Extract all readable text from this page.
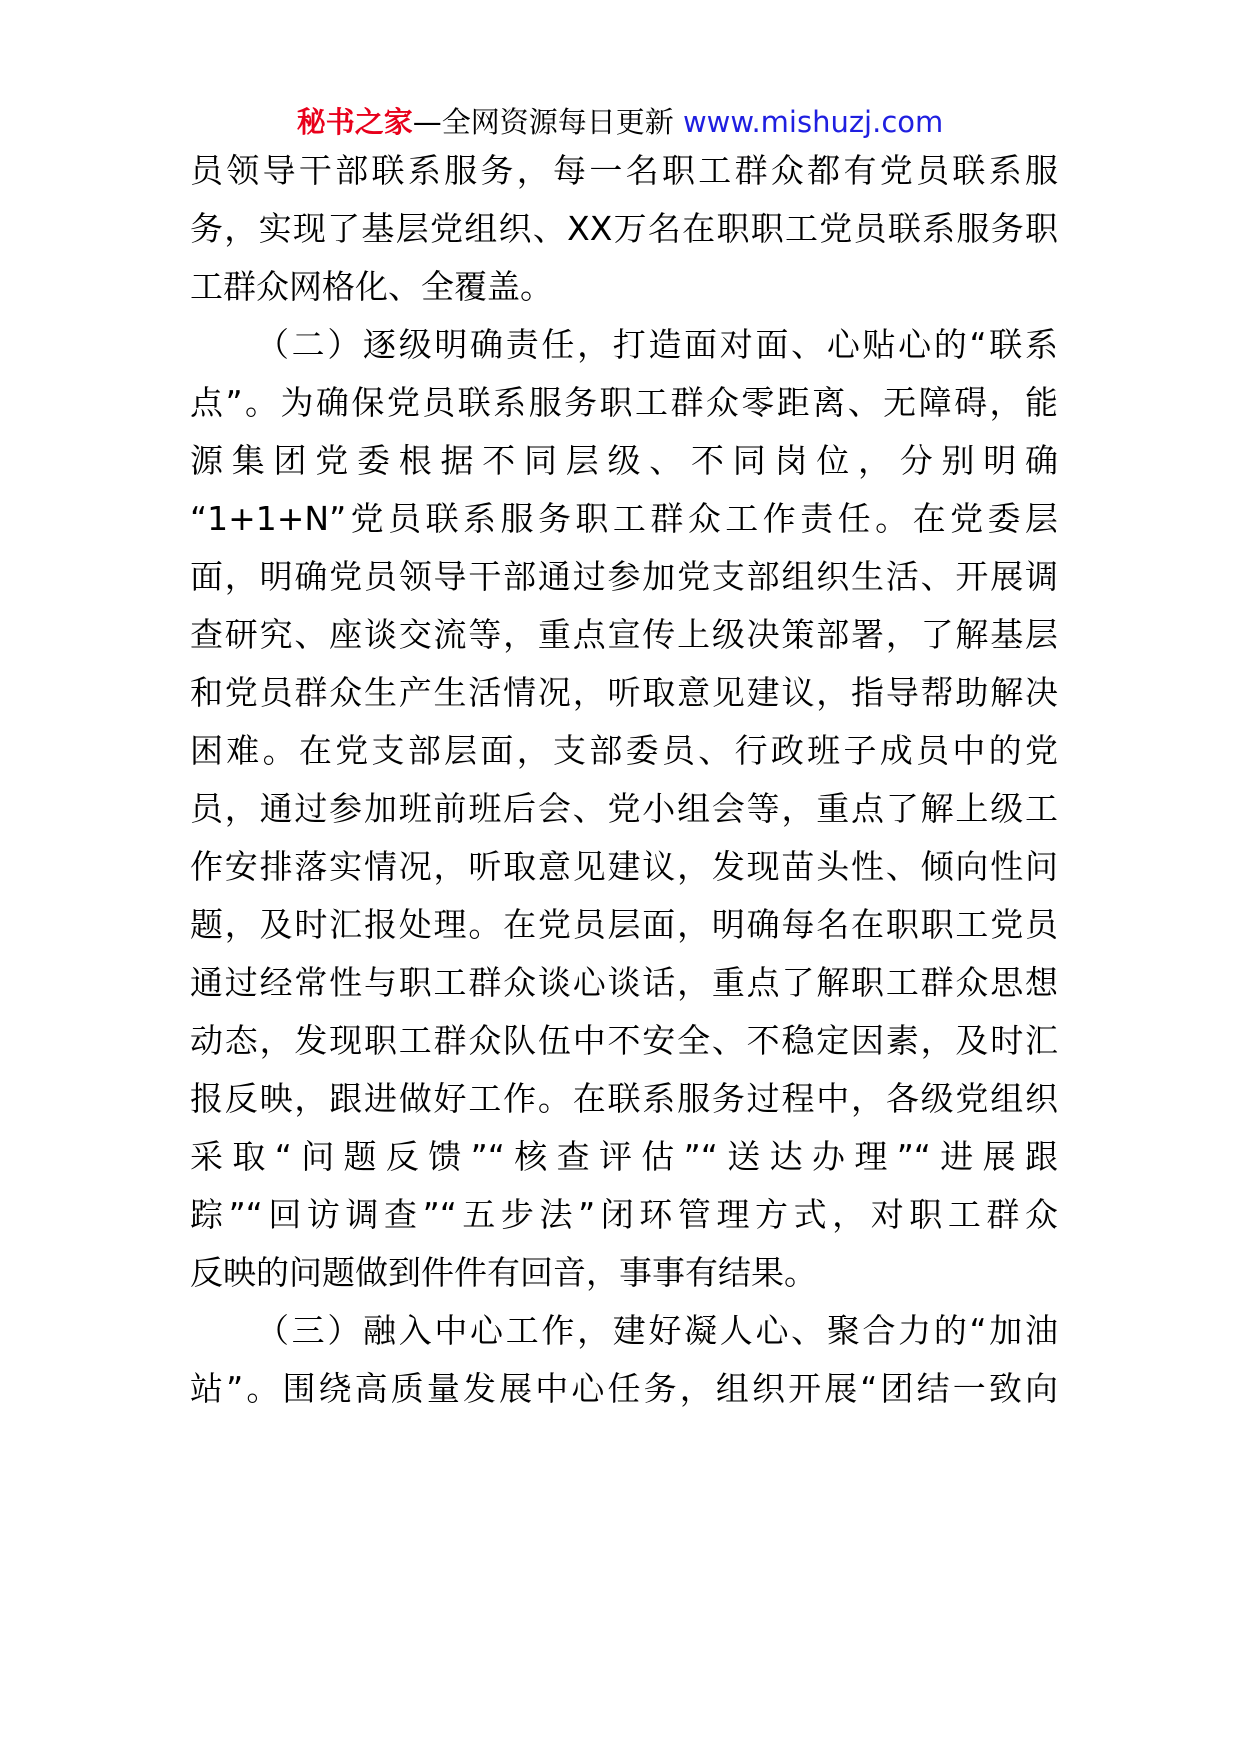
秘书之家—全网资源每日更新 www.mishuzj.com
员领导干部联系服务，每一名职工群众都有党员联系服
务，实现了基层党组织、XX万名在职职工党员联系服务职
工群众网格化、全覆盖。
（二）逐级明确责任，打造面对面、心贴心的“联系
点”。为确保党员联系服务职工群众零距离、无障碍，能
源集团党委根据不同层级、不同岗位，分别明确
“1+1+N”党员联系服务职工群众工作责任。在党委层
面，明确党员领导干部通过参加党支部组织生活、开展调
查研究、座谈交流等，重点宣传上级决策部署，了解基层
和党员群众生产生活情况，听取意见建议，指导帮助解决
困难。在党支部层面，支部委员、行政班子成员中的党
员，通过参加班前班后会、党小组会等，重点了解上级工
作安排落实情况，听取意见建议，发现苗头性、倾向性问
题，及时汇报处理。在党员层面，明确每名在职职工党员
通过经常性与职工群众谈心谈话，重点了解职工群众思想
动态，发现职工群众队伍中不安全、不稳定因素，及时汇
报反映，跟进做好工作。在联系服务过程中，各级党组织
采取“问题反馈”“核查评估”“送达办理”“进展跟
踪”“回访调查”“五步法”闭环管理方式，对职工群众
反映的问题做到件件有回音，事事有结果。
（三）融入中心工作，建好凝人心、聚合力的“加油
站”。围绕高质量发展中心任务，组织开展“团结一致向
